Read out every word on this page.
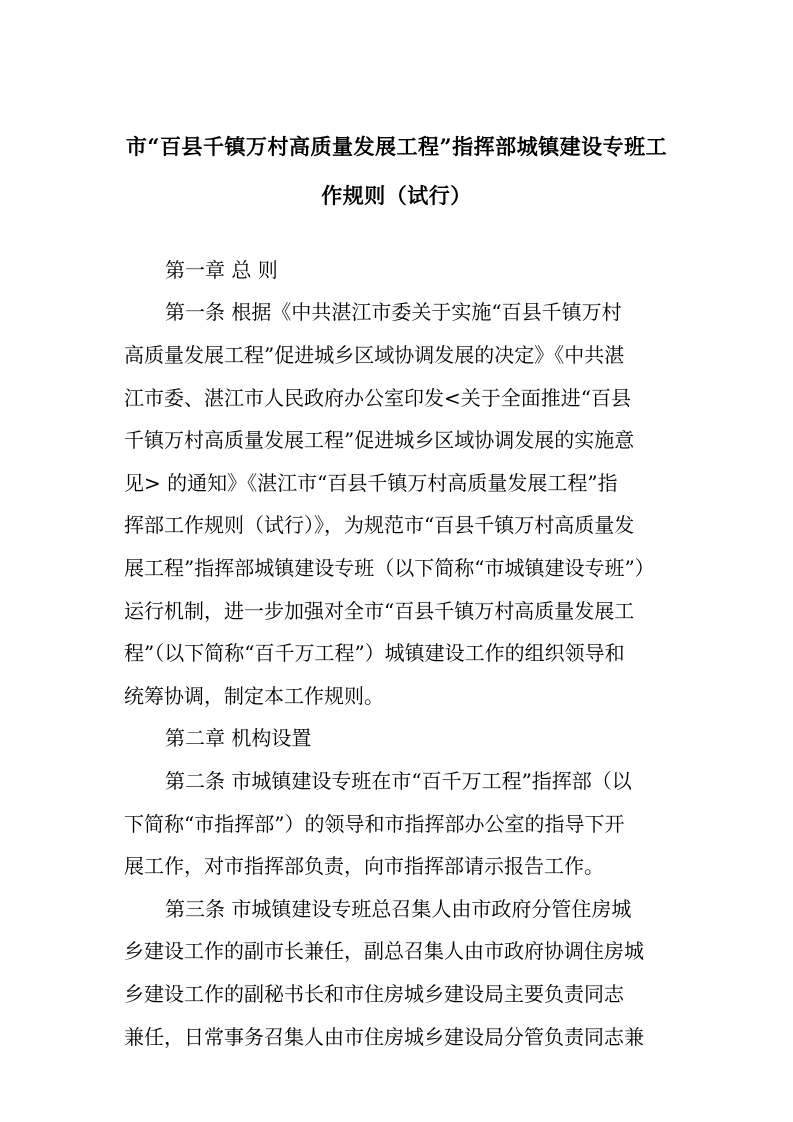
市“百县千镇万村高质量发展工程”指挥部城镇建设专班工
作规则（试行）
第一章 总 则
第一条 根据《中共湛江市委关于实施“百县千镇万村
高质量发展工程”促进城乡区域协调发展的决定》《中共湛
江市委、湛江市人民政府办公室印发<关于全面推进“百县
千镇万村高质量发展工程”促进城乡区域协调发展的实施意
见> 的通知》《湛江市“百县千镇万村高质量发展工程”指
挥部工作规则（试行）》，为规范市“百县千镇万村高质量发
展工程”指挥部城镇建设专班（以下简称“市城镇建设专班”）
运行机制，进一步加强对全市“百县千镇万村高质量发展工
程”（以下简称“百千万工程”）城镇建设工作的组织领导和
统筹协调，制定本工作规则。
第二章 机构设置
第二条 市城镇建设专班在市“百千万工程”指挥部（以
下简称“市指挥部”）的领导和市指挥部办公室的指导下开
展工作，对市指挥部负责，向市指挥部请示报告工作。
第三条 市城镇建设专班总召集人由市政府分管住房城
乡建设工作的副市长兼任，副总召集人由市政府协调住房城
乡建设工作的副秘书长和市住房城乡建设局主要负责同志
兼任，日常事务召集人由市住房城乡建设局分管负责同志兼
